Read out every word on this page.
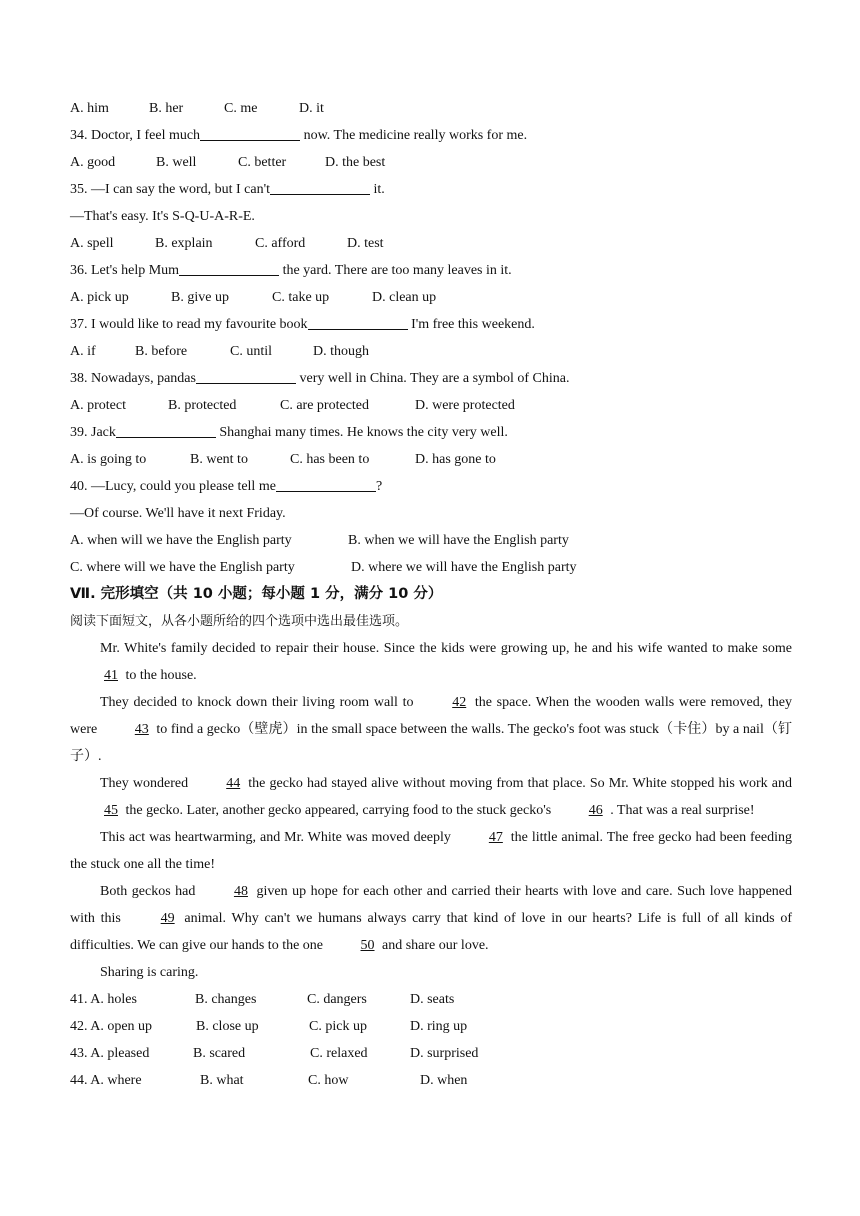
A. him	B. her	C. me	D. it
34. Doctor, I feel much	now. The medicine really works for me.
A. good	B. well	C. better	D. the best
35. —I can say the word, but I can't	it.
—That's easy. It's S-Q-U-A-R-E.
A. spell	B. explain	C. afford	D. test
36. Let's help Mum	the yard. There are too many leaves in it.
A. pick up	B. give up	C. take up	D. clean up
37. I would like to read my favourite book	I'm free this weekend.
A. if	B. before	C. until	D. though
38. Nowadays, pandas	very well in China. They are a symbol of China.
A. protect	B. protected	C. are protected	D. were protected
39. Jack	Shanghai many times. He knows the city very well.
A. is going to	B. went to	C. has been to	D. has gone to
40. —Lucy, could you please tell me	?
—Of course. We'll have it next Friday.
A. when will we have the English party	B. when we will have the English party
C. where will we have the English party	D. where we will have the English party
Ⅶ. 完形填空（共 10 小题；每小题 1 分，满分 10 分）
阅读下面短文，从各小题所给的四个选项中选出最佳选项。
Mr. White's family decided to repair their house. Since the kids were growing up, he and his wife wanted to make some 41 to the house.
They decided to knock down their living room wall to 42 the space. When the wooden walls were removed, they were 43 to find a gecko（壁虎）in the small space between the walls. The gecko's foot was stuck（卡住）by a nail（钉子）.
They wondered 44 the gecko had stayed alive without moving from that place. So Mr. White stopped his work and 45 the gecko. Later, another gecko appeared, carrying food to the stuck gecko's 46 . That was a real surprise!
This act was heartwarming, and Mr. White was moved deeply 47 the little animal. The free gecko had been feeding the stuck one all the time!
Both geckos had 48 given up hope for each other and carried their hearts with love and care. Such love happened with this 49 animal. Why can't we humans always carry that kind of love in our hearts? Life is full of all kinds of difficulties. We can give our hands to the one 50 and share our love.
Sharing is caring.
41. A. holes	B. changes	C. dangers	D. seats
42. A. open up	B. close up	C. pick up	D. ring up
43. A. pleased	B. scared	C. relaxed	D. surprised
44. A. where	B. what	C. how	D. when
